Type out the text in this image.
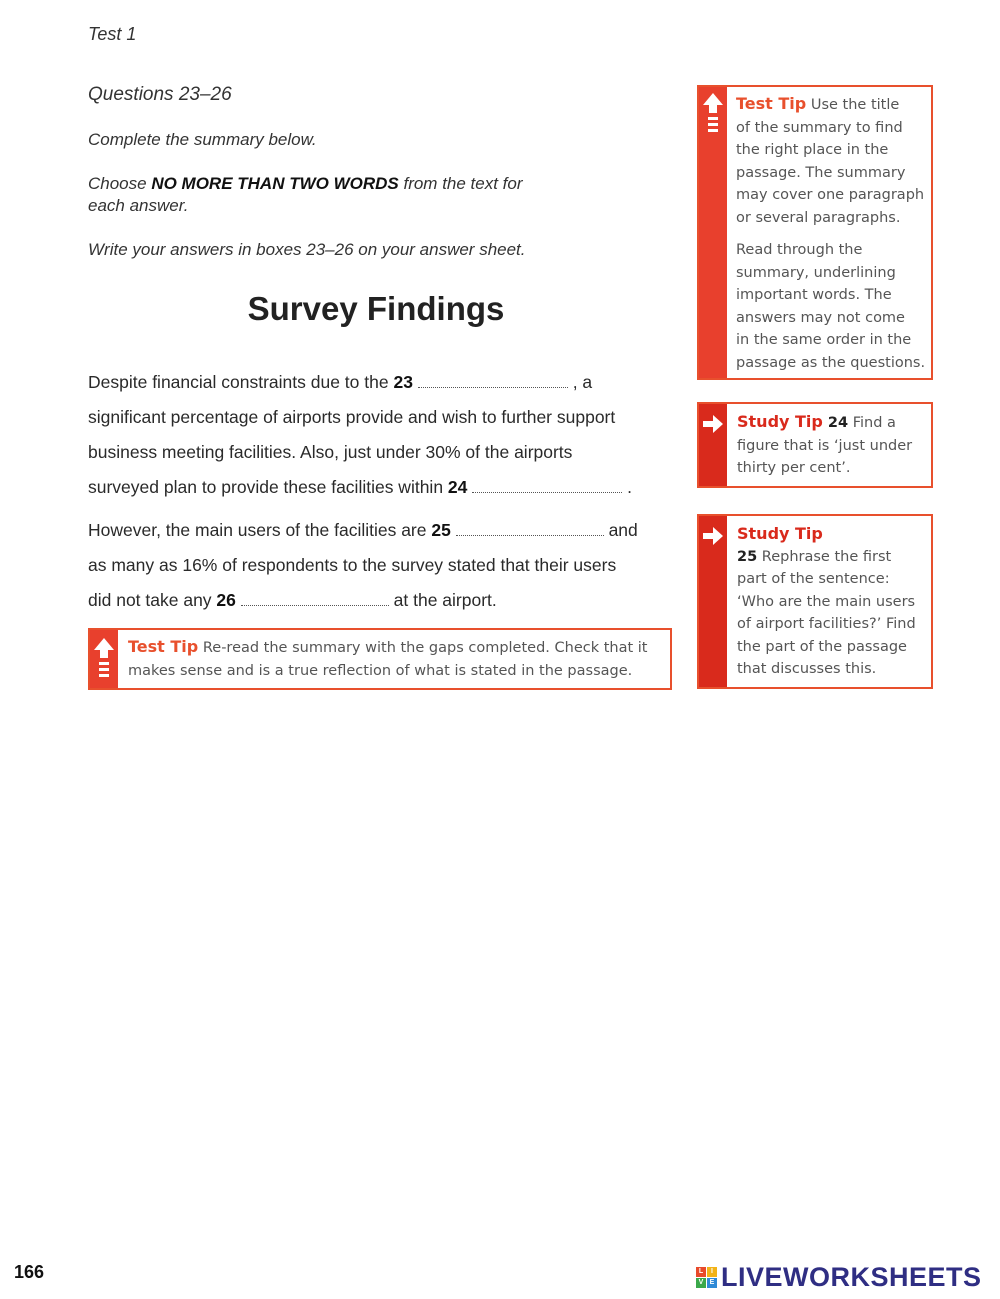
Test 1
Questions 23–26
Complete the summary below.
Choose NO MORE THAN TWO WORDS from the text for
each answer.
Write your answers in boxes 23–26 on your answer sheet.
Survey Findings
Despite financial constraints due to the 23	, a
significant percentage of airports provide and wish to further support
business meeting facilities. Also, just under 30% of the airports
surveyed plan to provide these facilities within 24	.
However, the main users of the facilities are 25	and
as many as 16% of respondents to the survey stated that their users
did not take any 26	at the airport.
Test Tip Re-read the summary with the gaps completed. Check that it
makes sense and is a true reflection of what is stated in the passage.
Test Tip Use the title
of the summary to find
the right place in the
passage. The summary
may cover one paragraph
or several paragraphs.
Read through the
summary, underlining
important words. The
answers may not come
in the same order in the
passage as the questions.
Study Tip 24 Find a
figure that is ‘just under
thirty per cent’.
Study Tip
25 Rephrase the first
part of the sentence:
‘Who are the main users
of airport facilities?’ Find
the part of the passage
that discusses this.
166	L	I
V E LIVEWORKSHEETS
